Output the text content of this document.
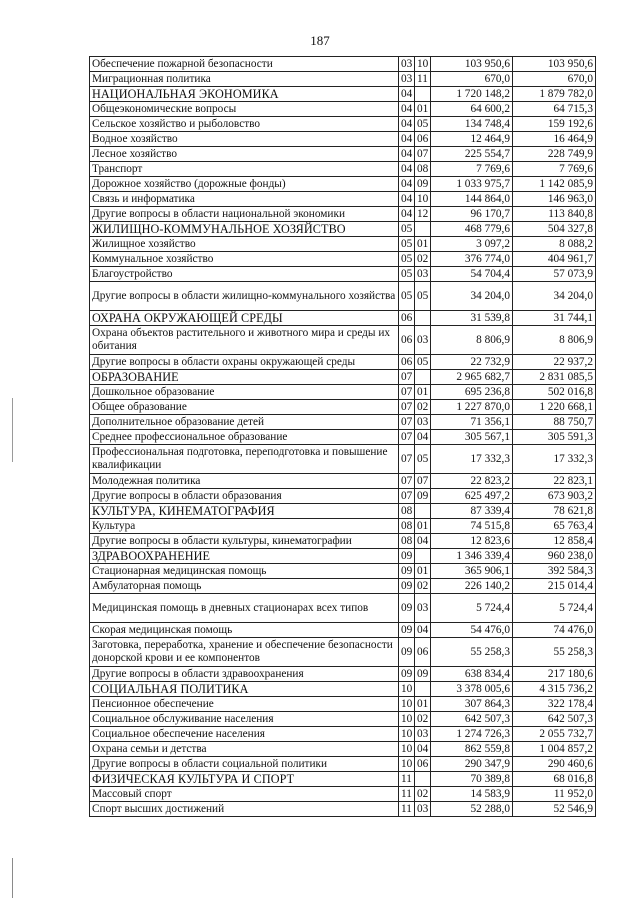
187
Обеспечение пожарной безопасности	03	10	103 950,6	103 950,6
Миграционная политика	03	11	670,0	670,0
НАЦИОНАЛЬНАЯ ЭКОНОМИКА	04		1 720 148,2	1 879 782,0
Общеэкономические вопросы	04	01	64 600,2	64 715,3
Сельское хозяйство и рыболовство	04	05	134 748,4	159 192,6
Водное хозяйство	04	06	12 464,9	16 464,9
Лесное хозяйство	04	07	225 554,7	228 749,9
Транспорт	04	08	7 769,6	7 769,6
Дорожное хозяйство (дорожные фонды)	04	09	1 033 975,7	1 142 085,9
Связь и информатика	04	10	144 864,0	146 963,0
Другие вопросы в области национальной экономики	04	12	96 170,7	113 840,8
ЖИЛИЩНО-КОММУНАЛЬНОЕ ХОЗЯЙСТВО	05		468 779,6	504 327,8
Жилищное хозяйство	05	01	3 097,2	8 088,2
Коммунальное хозяйство	05	02	376 774,0	404 961,7
Благоустройство	05	03	54 704,4	57 073,9
Другие вопросы в области жилищно-коммунального хозяйства	05	05	34 204,0	34 204,0
ОХРАНА ОКРУЖАЮЩЕЙ СРЕДЫ	06		31 539,8	31 744,1
Охрана объектов растительного и животного мира и среды их обитания	06	03	8 806,9	8 806,9
Другие вопросы в области охраны окружающей среды	06	05	22 732,9	22 937,2
ОБРАЗОВАНИЕ	07		2 965 682,7	2 831 085,5
Дошкольное образование	07	01	695 236,8	502 016,8
Общее образование	07	02	1 227 870,0	1 220 668,1
Дополнительное образование детей	07	03	71 356,1	88 750,7
Среднее профессиональное образование	07	04	305 567,1	305 591,3
Профессиональная подготовка, переподготовка и повышение квалификации	07	05	17 332,3	17 332,3
Молодежная политика	07	07	22 823,2	22 823,1
Другие вопросы в области образования	07	09	625 497,2	673 903,2
КУЛЬТУРА, КИНЕМАТОГРАФИЯ	08		87 339,4	78 621,8
Культура	08	01	74 515,8	65 763,4
Другие вопросы в области культуры, кинематографии	08	04	12 823,6	12 858,4
ЗДРАВООХРАНЕНИЕ	09		1 346 339,4	960 238,0
Стационарная медицинская помощь	09	01	365 906,1	392 584,3
Амбулаторная помощь	09	02	226 140,2	215 014,4
Медицинская помощь в дневных стационарах всех типов	09	03	5 724,4	5 724,4
Скорая медицинская помощь	09	04	54 476,0	74 476,0
Заготовка, переработка, хранение и обеспечение безопасности донорской крови и ее компонентов	09	06	55 258,3	55 258,3
Другие вопросы в области здравоохранения	09	09	638 834,4	217 180,6
СОЦИАЛЬНАЯ ПОЛИТИКА	10		3 378 005,6	4 315 736,2
Пенсионное обеспечение	10	01	307 864,3	322 178,4
Социальное обслуживание населения	10	02	642 507,3	642 507,3
Социальное обеспечение населения	10	03	1 274 726,3	2 055 732,7
Охрана семьи и детства	10	04	862 559,8	1 004 857,2
Другие вопросы в области социальной политики	10	06	290 347,9	290 460,6
ФИЗИЧЕСКАЯ КУЛЬТУРА И СПОРТ	11		70 389,8	68 016,8
Массовый спорт	11	02	14 583,9	11 952,0
Спорт высших достижений	11	03	52 288,0	52 546,9
